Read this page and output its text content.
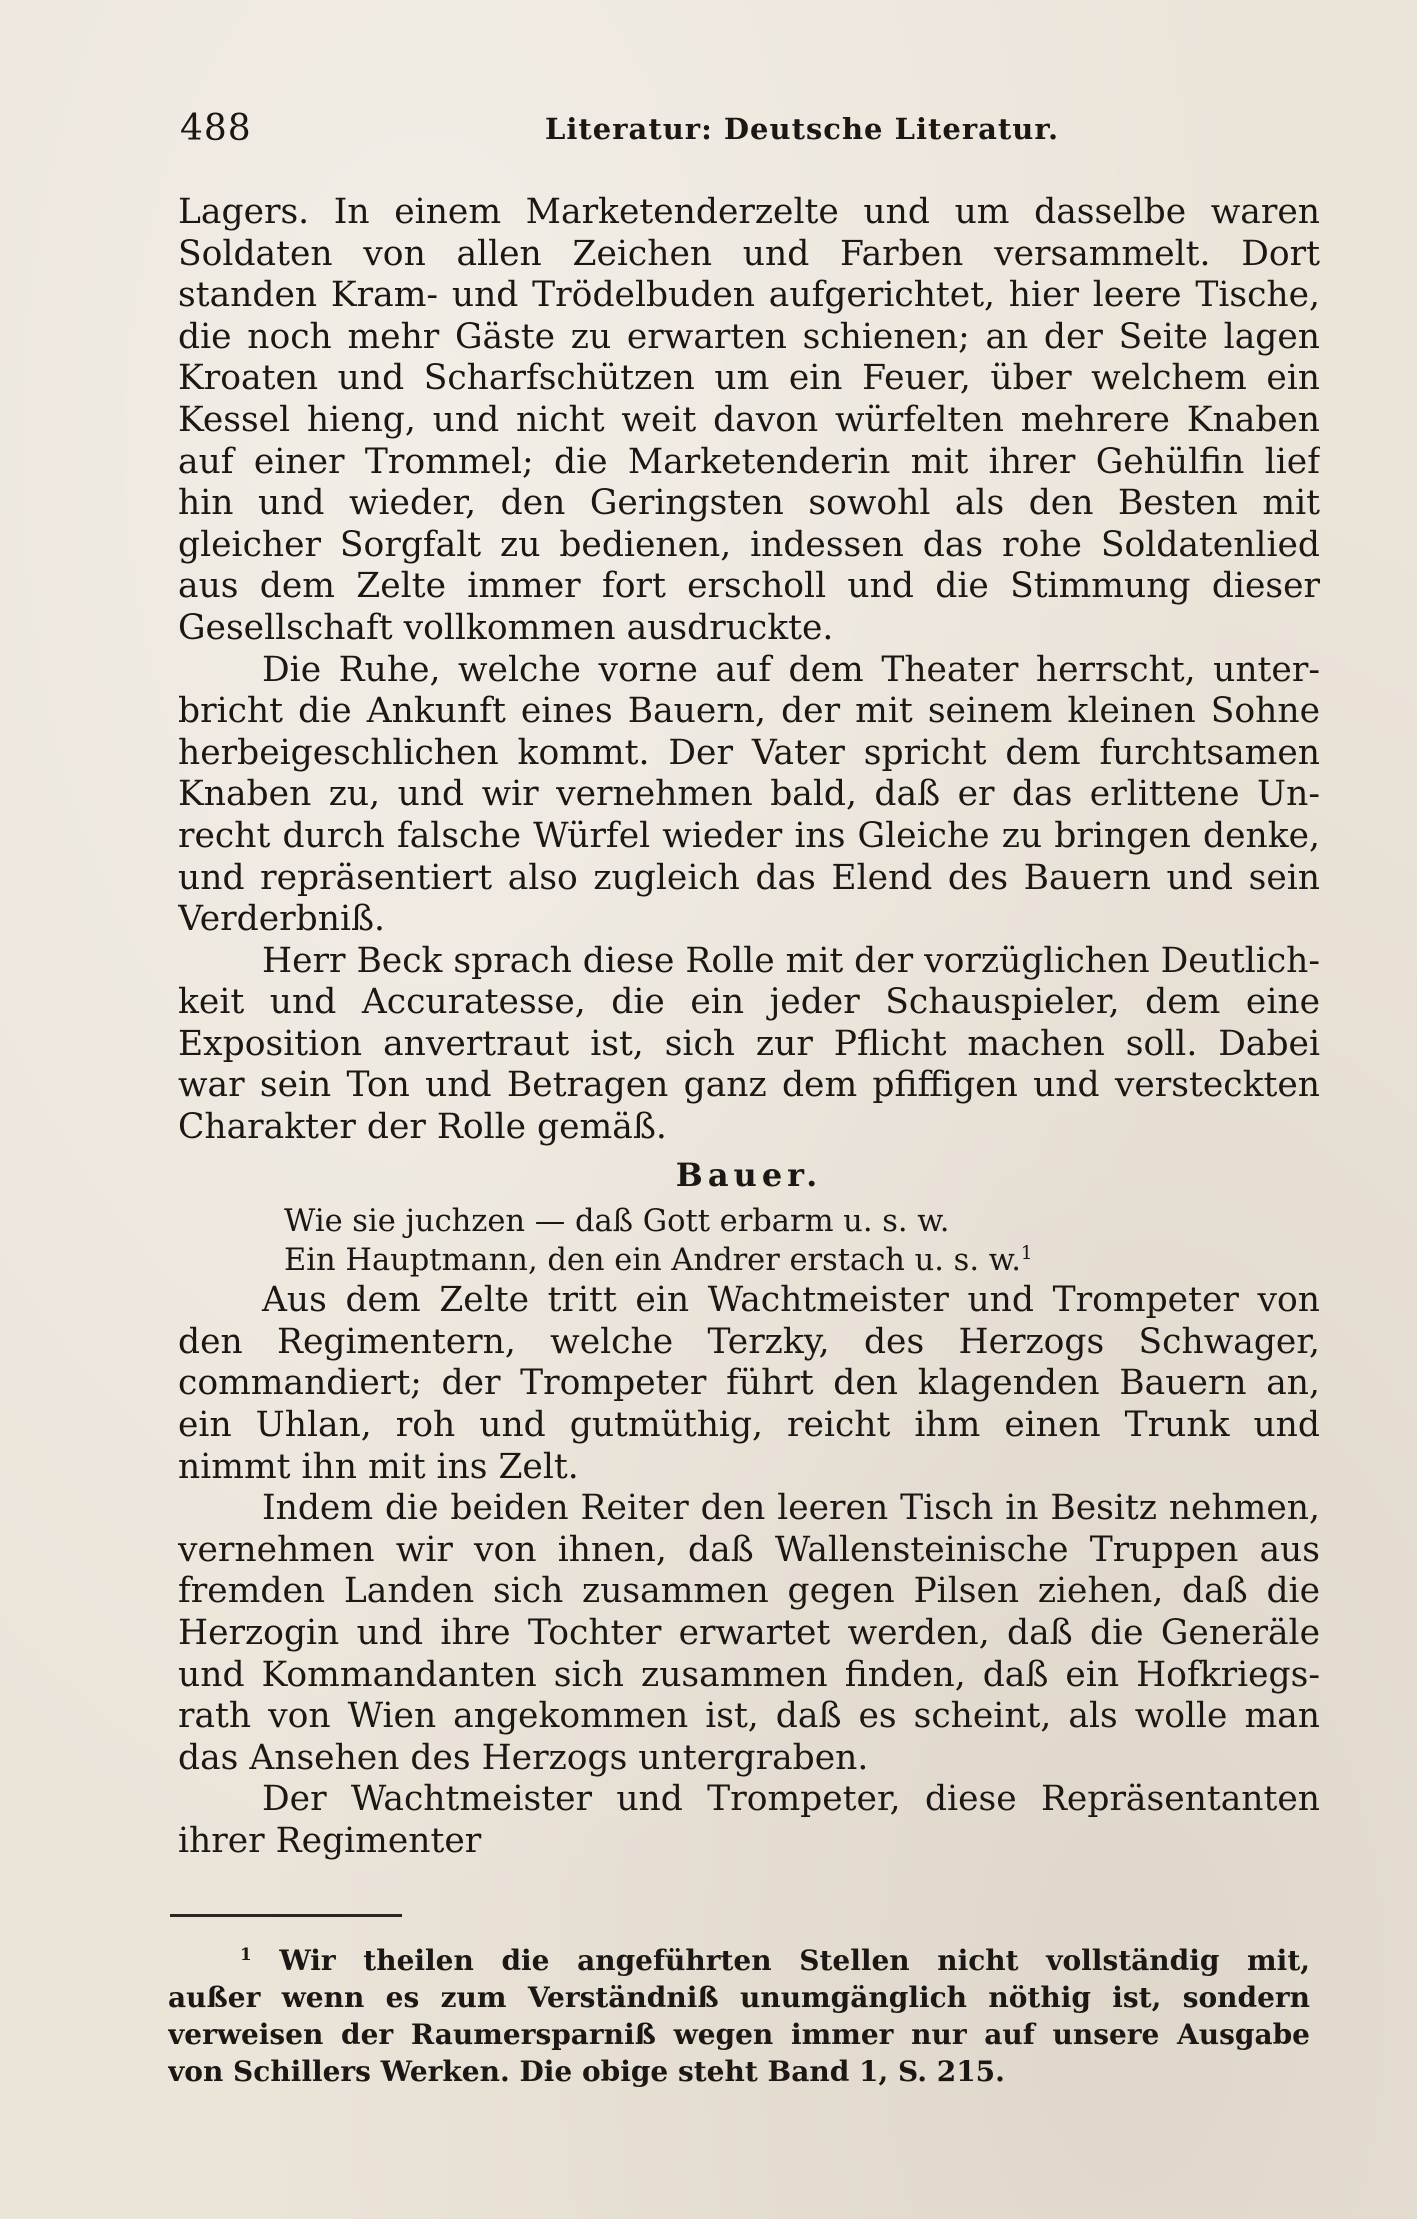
488	Literatur: Deutsche Literatur.
Lagers. In einem Marketenderzelte und um dasselbe waren
Soldaten von allen Zeichen und Farben versammelt. Dort
standen Kram- und Trödelbuden aufgerichtet, hier leere Tische,
die noch mehr Gäste zu erwarten schienen; an der Seite lagen
Kroaten und Scharfschützen um ein Feuer, über welchem ein
Kessel hieng, und nicht weit davon würfelten mehrere Knaben
auf einer Trommel; die Marketenderin mit ihrer Gehülfin lief
hin und wieder, den Geringsten sowohl als den Besten mit
gleicher Sorgfalt zu bedienen, indessen das rohe Soldatenlied
aus dem Zelte immer fort erscholl und die Stimmung dieser
Gesellschaft vollkommen ausdruckte.
Die Ruhe, welche vorne auf dem Theater herrscht, unter-
bricht die Ankunft eines Bauern, der mit seinem kleinen Sohne
herbeigeschlichen kommt. Der Vater spricht dem furchtsamen
Knaben zu, und wir vernehmen bald, daß er das erlittene Un-
recht durch falsche Würfel wieder ins Gleiche zu bringen denke,
und repräsentiert also zugleich das Elend des Bauern und sein
Verderbniß.
Herr Beck sprach diese Rolle mit der vorzüglichen Deutlich-
keit und Accuratesse, die ein jeder Schauspieler, dem eine
Exposition anvertraut ist, sich zur Pflicht machen soll. Dabei
war sein Ton und Betragen ganz dem pfiffigen und versteckten
Charakter der Rolle gemäß.
Bauer.
Wie sie juchzen — daß Gott erbarm u. s. w.
Ein Hauptmann, den ein Andrer erstach u. s. w.$^1$
Aus dem Zelte tritt ein Wachtmeister und Trompeter von
den Regimentern, welche Terzky, des Herzogs Schwager,
commandiert; der Trompeter führt den klagenden Bauern an,
ein Uhlan, roh und gutmüthig, reicht ihm einen Trunk und
nimmt ihn mit ins Zelt.
Indem die beiden Reiter den leeren Tisch in Besitz nehmen,
vernehmen wir von ihnen, daß Wallensteinische Truppen aus
fremden Landen sich zusammen gegen Pilsen ziehen, daß die
Herzogin und ihre Tochter erwartet werden, daß die Generäle
und Kommandanten sich zusammen finden, daß ein Hofkriegs-
rath von Wien angekommen ist, daß es scheint, als wolle man
das Ansehen des Herzogs untergraben.
Der Wachtmeister und Trompeter, diese Repräsentanten
ihrer Regimenter
$^1$ Wir theilen die angeführten Stellen nicht vollständig mit,
außer wenn es zum Verständniß unumgänglich nöthig ist, sondern
verweisen der Raumersparniß wegen immer nur auf unsere Ausgabe
von Schillers Werken. Die obige steht Band 1, S. 215.
